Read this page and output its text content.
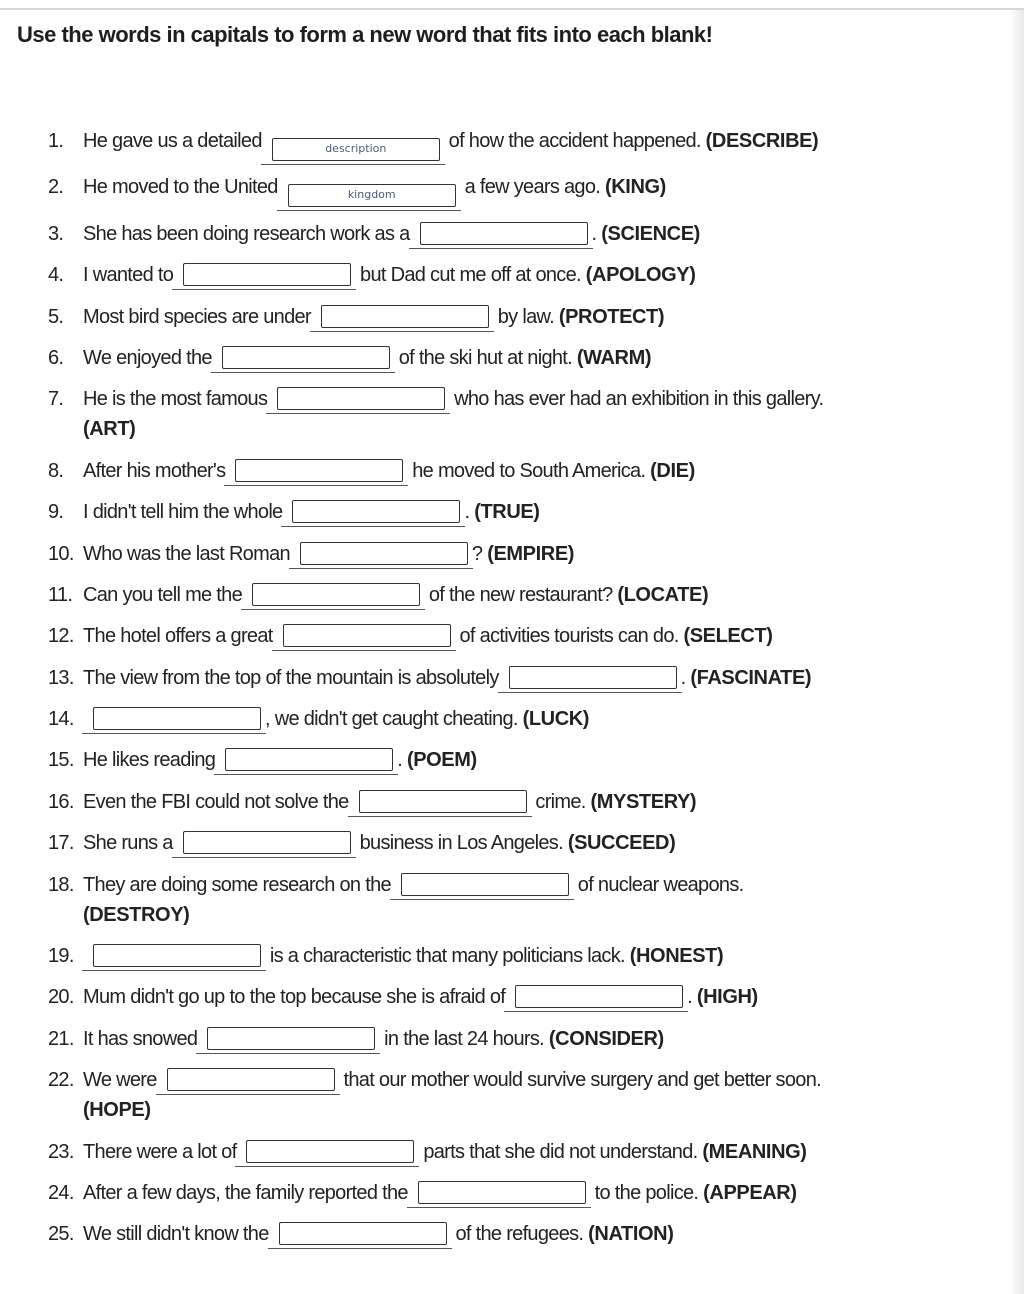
Use the words in capitals to form a new word that fits into each blank!
1. He gave us a detailed	description	of how the accident happened. (DESCRIBE)
2. He moved to the United	kingdom	a few years ago. (KING)
3. She has been doing research work as a	. (SCIENCE)
4. I wanted to	but Dad cut me off at once. (APOLOGY)
5. Most bird species are under	by law. (PROTECT)
6. We enjoyed the	of the ski hut at night. (WARM)
7. He is the most famous	who has ever had an exhibition in this gallery.
(ART)
8. After his mother's	he moved to South America. (DIE)
9. I didn't tell him the whole	. (TRUE)
10. Who was the last Roman	? (EMPIRE)
11. Can you tell me the	of the new restaurant? (LOCATE)
12. The hotel offers a great	of activities tourists can do. (SELECT)
13. The view from the top of the mountain is absolutely	. (FASCINATE)
14.	, we didn't get caught cheating. (LUCK)
15. He likes reading	. (POEM)
16. Even the FBI could not solve the	crime. (MYSTERY)
17. She runs a	business in Los Angeles. (SUCCEED)
18. They are doing some research on the	of nuclear weapons.
(DESTROY)
19.	is a characteristic that many politicians lack. (HONEST)
20. Mum didn't go up to the top because she is afraid of	. (HIGH)
21. It has snowed	in the last 24 hours. (CONSIDER)
22. We were	that our mother would survive surgery and get better soon.
(HOPE)
23. There were a lot of	parts that she did not understand. (MEANING)
24. After a few days, the family reported the	to the police. (APPEAR)
25. We still didn't know the	of the refugees. (NATION)
